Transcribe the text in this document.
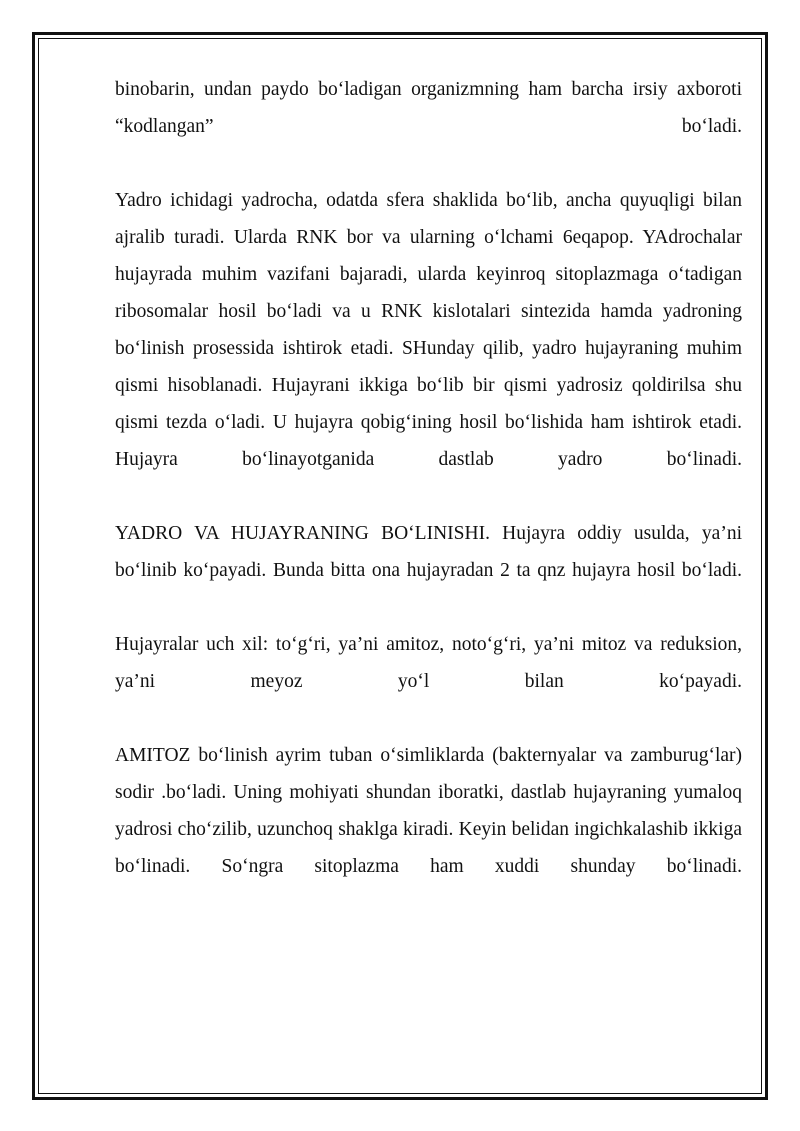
binobarin, undan paydo bo‘ladigan organizmning ham barcha irsiy axboroti “kodlangan” bo‘ladi.

Yadro ichidagi yadrocha, odatda sfera shaklida bo‘lib, ancha quyuqligi bilan ajralib turadi. Ularda RNK bor va ularning o‘lchami 6eqapop. YAdrochalar hujayrada muhim vazifani bajaradi, ularda keyinroq sitoplazmaga o‘tadigan ribosomalar hosil bo‘ladi va u RNK kislotalari sintezida hamda yadroning bo‘linish prosessida ishtirok etadi. SHunday qilib, yadro hujayraning muhim qismi hisoblanadi. Hujayrani ikkiga bo‘lib bir qismi yadrosiz qoldirilsa shu qismi tezda o‘ladi. U hujayra qobig‘ining hosil bo‘lishida ham ishtirok etadi. Hujayra bo‘linayotganida dastlab yadro bo‘linadi.

YADRO VA HUJAYRANING BO‘LINISHI. Hujayra oddiy usulda, ya’ni bo‘linib ko‘payadi. Bunda bitta ona hujayradan 2 ta qnz hujayra hosil bo‘ladi.

Hujayralar uch xil: to‘g‘ri, ya’ni amitoz, noto‘g‘ri, ya’ni mitoz va reduksion, ya’ni meyoz yo‘l bilan ko‘payadi.

AMITOZ bo‘linish ayrim tuban o‘simliklarda (bakternyalar va zamburug‘lar) sodir .bo‘ladi. Uning mohiyati shundan iboratki, dastlab hujayraning yumaloq yadrosi cho‘zilib, uzunchoq shaklga kiradi. Keyin belidan ingichkalashib ikkiga bo‘linadi. So‘ngra sitoplazma ham xuddi shunday bo‘linadi.
